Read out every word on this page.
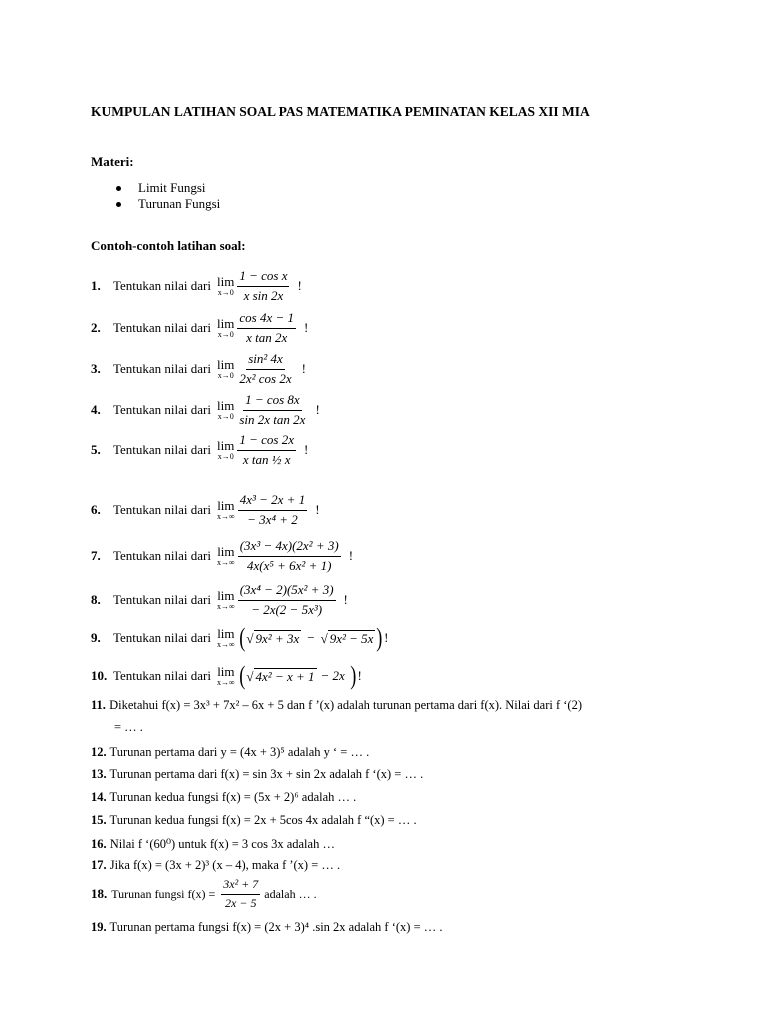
KUMPULAN LATIHAN SOAL PAS MATEMATIKA PEMINATAN KELAS XII MIA
Materi:
Limit Fungsi
Turunan Fungsi
Contoh-contoh latihan soal:
1. Tentukan nilai dari lim
$x\to 0 \frac{\text{1 − cos x}}{\text{x sin 2x}}$ !
2. Tentukan nilai dari lim
$x\to 0 \frac{\cos 4x - 1}{\text{x tan 2x}}$ !
3. Tentukan nilai dari lim
$x\to 0 \frac{\text{sin² 4x}}{\text{2x² cos 2x}}$ !
4. Tentukan nilai dari lim
$x\to 0 \frac{1 - \cos 8x}{\text{sin 2x tan 2x}}$ !
5. Tentukan nilai dari lim
$x\to 0 \frac{1 - \cos 2x}{\text{x tan ½ x}}$ !
6. Tentukan nilai dari lim
$x\to\infty \frac{\text{4x³ − 2x + 1}}{\text{− 3x⁴ + 2}}$ !
7. Tentukan nilai dari lim
$x\to\infty \frac{\text{(3x³ − 4x)(2x² + 3)}}{\text{4x(x⁵ + 6x² + 1)}}$ !
8. Tentukan nilai dari lim
$x\to\infty \frac{\text{(3x⁴ − 2)(5x² + 3)}}{\text{− 2x(2 − 5x³)}}$ !
9. Tentukan nilai dari lim
x→∞ ( √ 9x² + 3x − √ 9x² − 5x ) !
10. Tentukan nilai dari lim
x→∞ ( √ 4x² − x + 1 − 2x ) !
11. Diketahui f(x) = 3x³ + 7x² – 6x + 5 dan f ’(x) adalah turunan pertama dari f(x). Nilai dari f ‘(2)
= … .
12. Turunan pertama dari y = (4x + 3)⁵ adalah y ‘ = … .
13. Turunan pertama dari f(x) = sin 3x + sin 2x adalah f ‘(x) = … .
14. Turunan kedua fungsi f(x) = (5x + 2)⁶ adalah … .
15. Turunan kedua fungsi f(x) = 2x + 5cos 4x adalah f “(x) = … .
16. Nilai f ‘(60⁰) untuk f(x) = 3 cos 3x adalah …
17. Jika f(x) = (3x + 2)³ (x – 4), maka f ’(x) = … .
18. Turunan fungsi $f(x) = \frac{\text{3x² + 7}}{2x - 5}$ adalah … .
19. Turunan pertama fungsi f(x) = (2x + 3)⁴ .sin 2x adalah f ‘(x) = … .
